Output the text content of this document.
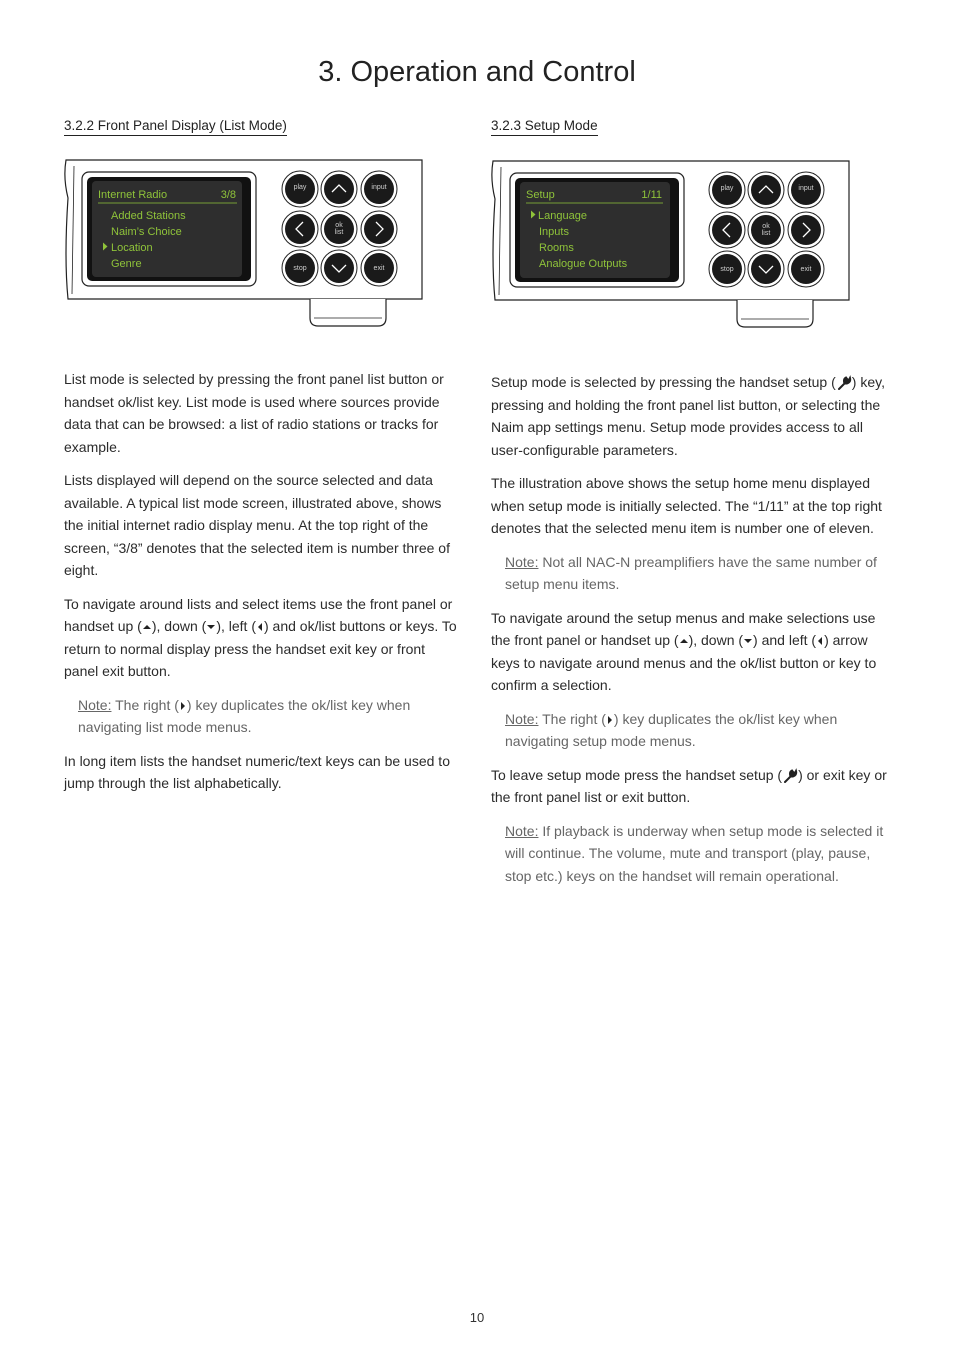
3. Operation and Control
3.2.2 Front Panel Display (List Mode)
Internet Radio	3/8
Added Stations
Naim’s Choice
Location
Genre
play	input
ok
list
stop	exit

List mode is selected by pressing the front panel list button or handset ok/list key. List mode is used where sources provide data that can be browsed: a list of radio stations or tracks for example.

Lists displayed will depend on the source selected and data available. A typical list mode screen, illustrated above, shows the initial internet radio display menu. At the top right of the screen, “3/8” denotes that the selected item is number three of eight.

To navigate around lists and select items use the front panel or handset up ( ), down ( ), left ( ) and ok/list buttons or keys. To return to normal display press the handset exit key or front panel exit button.

Note: The right ( ) key duplicates the ok/list key when navigating list mode menus.

In long item lists the handset numeric/text keys can be used to jump through the list alphabetically.

3.2.3 Setup Mode
Setup	1/11
Language
Inputs
Rooms
Analogue Outputs
play	input
ok
list
stop	exit

Setup mode is selected by pressing the handset setup ( ) key, pressing and holding the front panel list button, or selecting the Naim app settings menu. Setup mode provides access to all user-configurable parameters.

The illustration above shows the setup home menu displayed when setup mode is initially selected. The “1/11” at the top right denotes that the selected menu item is number one of eleven.

Note: Not all NAC-N preamplifiers have the same number of setup menu items.

To navigate around the setup menus and make selections use the front panel or handset up ( ), down ( ) and left ( ) arrow keys to navigate around menus and the ok/list button or key to confirm a selection.

Note: The right ( ) key duplicates the ok/list key when navigating setup mode menus.

To leave setup mode press the handset setup ( ) or exit key or the front panel list or exit button.

Note: If playback is underway when setup mode is selected it will continue. The volume, mute and transport (play, pause, stop etc.) keys on the handset will remain operational.

10
